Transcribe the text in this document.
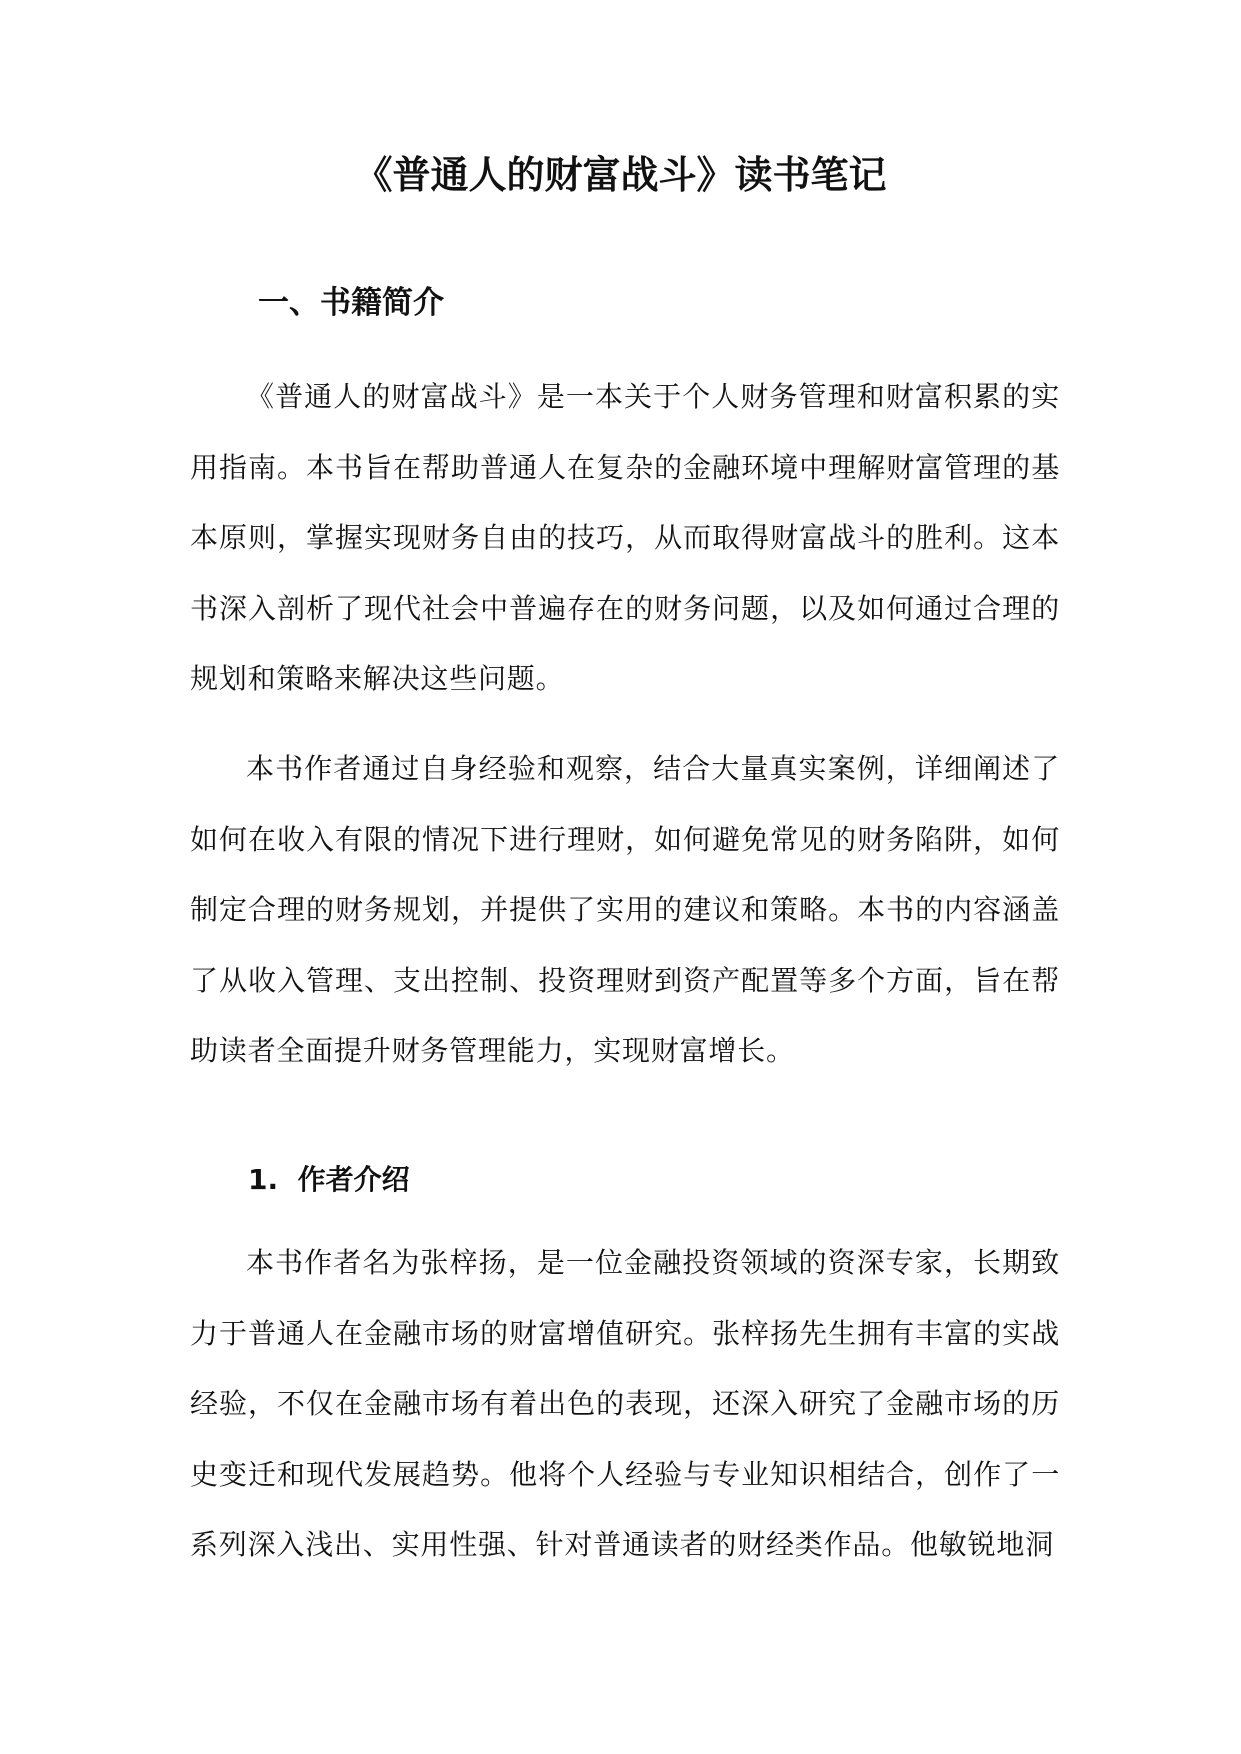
《普通人的财富战斗》读书笔记
一、书籍简介

《普通人的财富战斗》是一本关于个人财务管理和财富积累的实用指南。本书旨在帮助普通人在复杂的金融环境中理解财富管理的基本原则，掌握实现财务自由的技巧，从而取得财富战斗的胜利。这本书深入剖析了现代社会中普遍存在的财务问题，以及如何通过合理的规划和策略来解决这些问题。

本书作者通过自身经验和观察，结合大量真实案例，详细阐述了如何在收入有限的情况下进行理财，如何避免常见的财务陷阱，如何制定合理的财务规划，并提供了实用的建议和策略。本书的内容涵盖了从收入管理、支出控制、投资理财到资产配置等多个方面，旨在帮助读者全面提升财务管理能力，实现财富增长。

1.  作者介绍

本书作者名为张梓扬，是一位金融投资领域的资深专家，长期致力于普通人在金融市场的财富增值研究。张梓扬先生拥有丰富的实战经验，不仅在金融市场有着出色的表现，还深入研究了金融市场的历史变迁和现代发展趋势。他将个人经验与专业知识相结合，创作了一系列深入浅出、实用性强、针对普通读者的财经类作品。他敏锐地洞
